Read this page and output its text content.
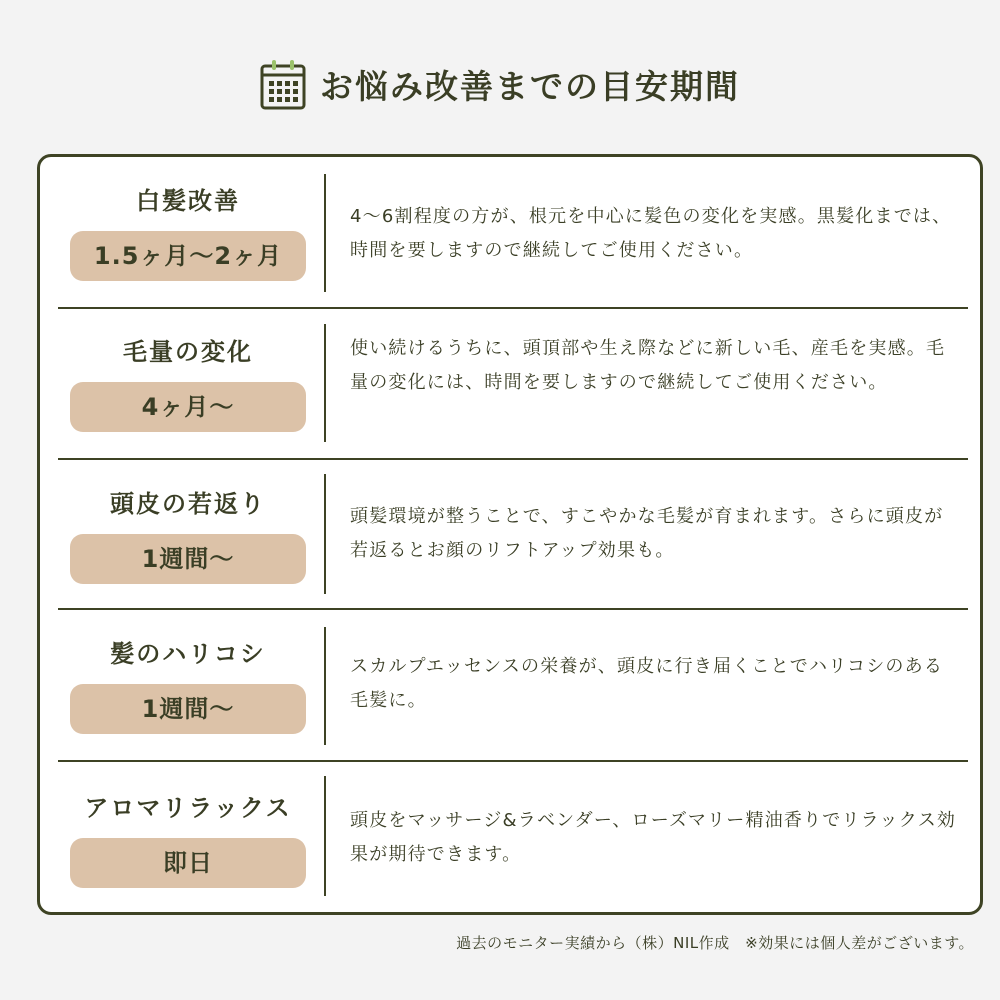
お悩み改善までの目安期間
白髪改善
1.5ヶ月〜2ヶ月
4〜6割程度の方が、根元を中心に髪色の変化を実感。黒髪化までは、時間を要しますので継続してご使用ください。
毛量の変化
4ヶ月〜
使い続けるうちに、頭頂部や生え際などに新しい毛、産毛を実感。毛量の変化には、時間を要しますので継続してご使用ください。
頭皮の若返り
1週間〜
頭髪環境が整うことで、すこやかな毛髪が育まれます。さらに頭皮が若返るとお顔のリフトアップ効果も。
髪のハリコシ
1週間〜
スカルプエッセンスの栄養が、頭皮に行き届くことでハリコシのある毛髪に。
アロマリラックス
即日
頭皮をマッサージ&ラベンダー、ローズマリー精油香りでリラックス効果が期待できます。
過去のモニター実績から（株）NIL作成　※効果には個人差がございます。
